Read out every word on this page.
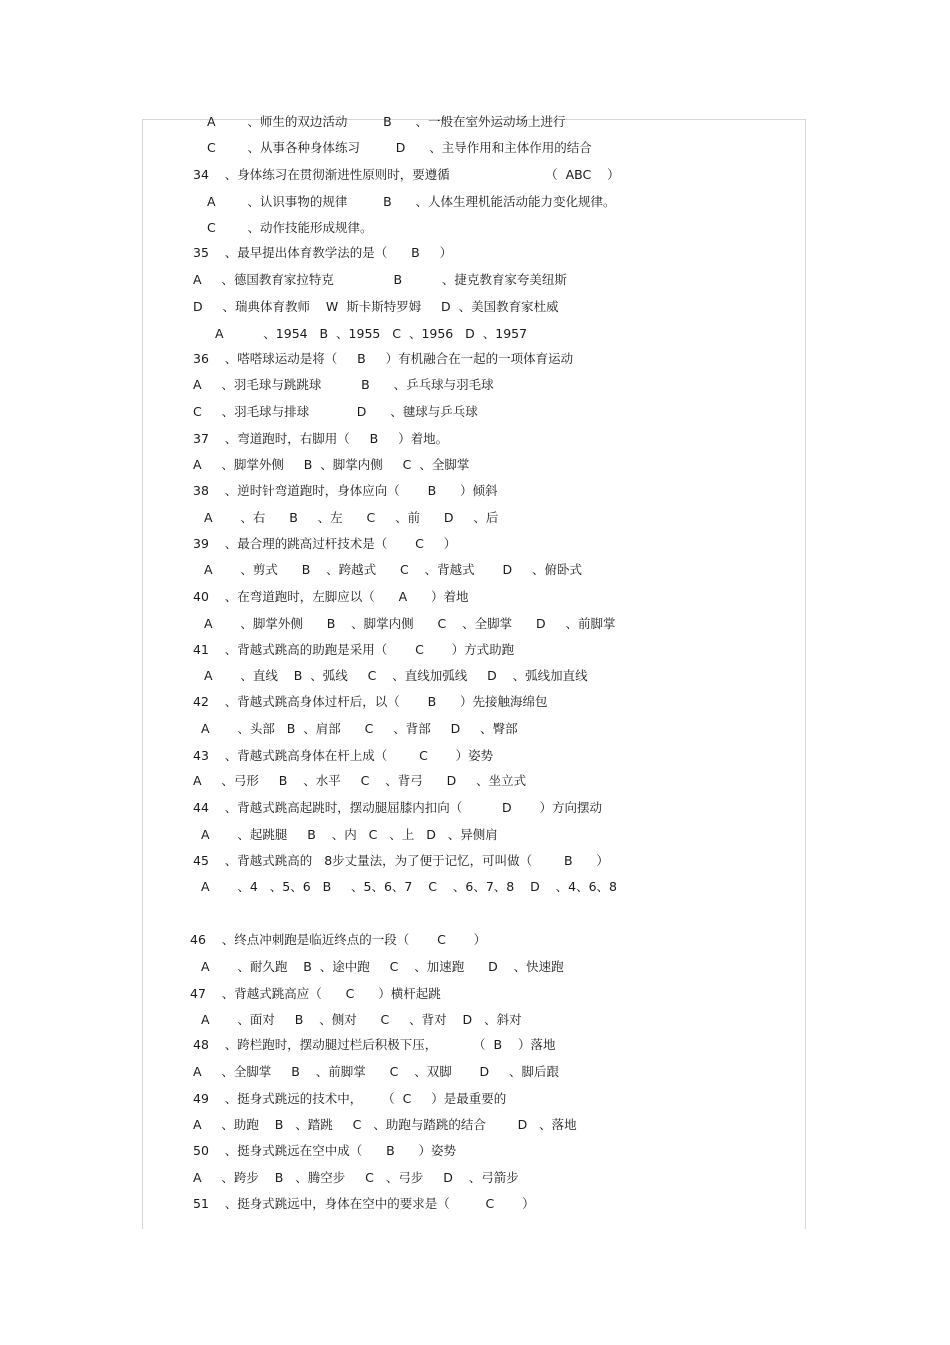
A        、师生的双边活动         B      、一般在室外运动场上进行
C        、从事各种身体练习         D      、主导作用和主体作用的结合
34    、身体练习在贯彻渐进性原则时，要遵循                        （  ABC    ）
A        、认识事物的规律         B      、人体生理机能活动能力变化规律。
C        、动作技能形成规律。
35    、最早提出体育教学法的是（      B     ）
A     、德国教育家拉特克               B          、捷克教育家夸美纽斯
D     、瑞典体育教师    W  斯卡斯特罗姆     D  、美国教育家杜威
A          、1954   B  、1955   C  、1956   D  、1957
36    、嗒嗒球运动是将（     B     ）有机融合在一起的一项体育运动
A     、羽毛球与跳跳球          B      、乒乓球与羽毛球
C     、羽毛球与排球            D      、毽球与乒乓球
37    、弯道跑时，右脚用（     B     ）着地。
A     、脚掌外侧     B  、脚掌内侧     C  、全脚掌
38    、逆时针弯道跑时，身体应向（       B      ）倾斜
A       、右      B     、左      C     、前      D     、后
39    、最合理的跳高过杆技术是（       C     ）
A       、剪式      B    、跨越式      C    、背越式       D     、俯卧式
40    、在弯道跑时，左脚应以（      A      ）着地
A       、脚掌外侧      B    、脚掌内侧      C    、全脚掌      D     、前脚掌
41    、背越式跳高的助跑是采用（       C       ）方式助跑
A       、直线    B  、弧线     C    、直线加弧线     D    、弧线加直线
42    、背越式跳高身体过杆后，以（       B      ）先接触海绵包
A       、头部   B  、肩部      C     、背部     D     、臀部
43    、背越式跳高身体在杆上成（        C       ）姿势
A     、弓形     B    、水平     C    、背弓      D     、坐立式
44    、背越式跳高起跳时，摆动腿屈膝内扣向（          D       ）方向摆动
A       、起跳腿     B    、内   C   、上   D   、异侧肩
45    、背越式跳高的   8步丈量法，为了便于记忆，可叫做（        B      ）
A       、4   、5、6   B     、5、6、7    C    、6、7、8    D    、4、6、8
46    、终点冲刺跑是临近终点的一段（       C       ）
A       、耐久跑    B  、途中跑     C    、加速跑      D    、快速跑
47    、背越式跳高应（      C      ）横杆起跳
A       、面对     B    、侧对      C     、背对    D   、斜对
48    、跨栏跑时，摆动腿过栏后积极下压，         （  B    ）落地
A     、全脚掌     B    、前脚掌      C    、双脚       D     、脚后跟
49    、挺身式跳远的技术中，     （  C     ）是最重要的
A     、助跑    B   、踏跳     C   、助跑与踏跳的结合        D   、落地
50    、挺身式跳远在空中成（      B      ）姿势
A     、跨步    B   、腾空步     C   、弓步     D    、弓箭步
51    、挺身式跳远中，身体在空中的要求是（         C       ）
